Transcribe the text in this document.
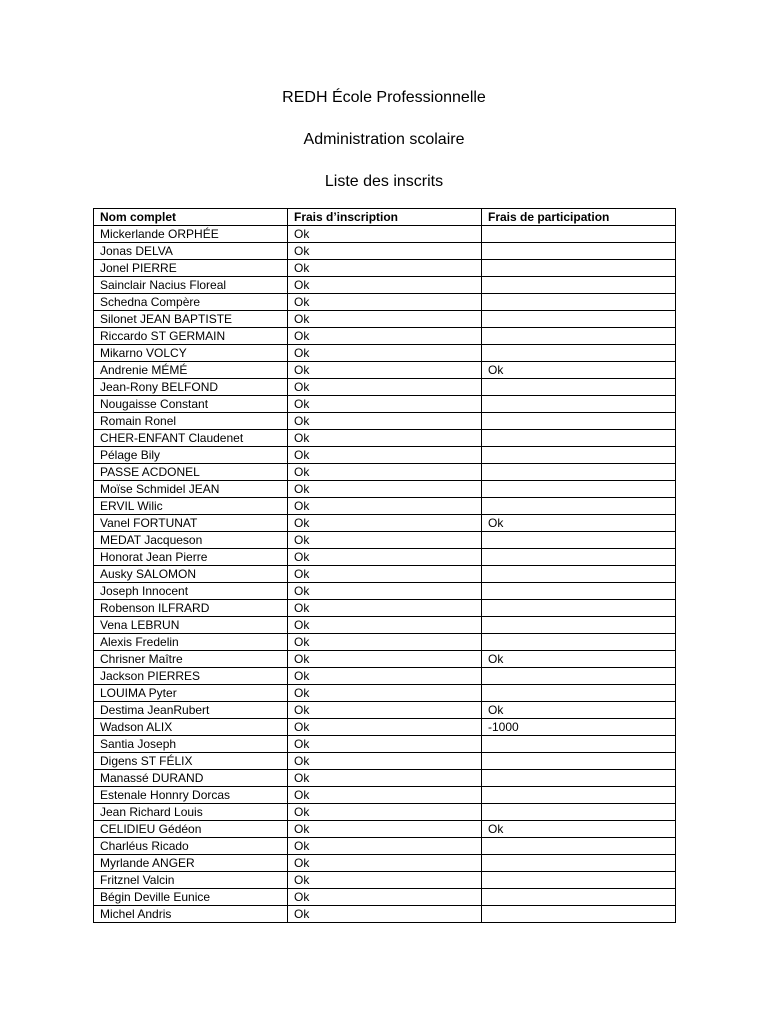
REDH École Professionnelle
Administration scolaire
Liste des inscrits
Nom complet	Frais d’inscription	Frais de participation
Mickerlande ORPHÉE	Ok	
Jonas DELVA	Ok	
Jonel PIERRE	Ok	
Sainclair Nacius Floreal	Ok	
Schedna Compère	Ok	
Silonet JEAN BAPTISTE	Ok	
Riccardo ST GERMAIN	Ok	
Mikarno VOLCY	Ok	
Andrenie MÉMÉ	Ok	Ok
Jean-Rony BELFOND	Ok	
Nougaisse Constant	Ok	
Romain Ronel	Ok	
CHER-ENFANT Claudenet	Ok	
Pélage Bily	Ok	
PASSE ACDONEL	Ok	
Moïse Schmidel JEAN	Ok	
ERVIL Wilic	Ok	
Vanel FORTUNAT	Ok	Ok
MEDAT Jacqueson	Ok	
Honorat Jean Pierre	Ok	
Ausky SALOMON	Ok	
Joseph Innocent	Ok	
Robenson ILFRARD	Ok	
Vena LEBRUN	Ok	
Alexis Fredelin	Ok	
Chrisner Maître	Ok	Ok
Jackson PIERRES	Ok	
LOUIMA Pyter	Ok	
Destima JeanRubert	Ok	Ok
Wadson ALIX	Ok	-1000
Santia Joseph	Ok	
Digens ST FÉLIX	Ok	
Manassé DURAND	Ok	
Estenale Honnry Dorcas	Ok	
Jean Richard Louis	Ok	
CELIDIEU Gédéon	Ok	Ok
Charléus Ricado	Ok	
Myrlande ANGER	Ok	
Fritznel Valcin	Ok	
Bégin Deville Eunice	Ok	
Michel Andris	Ok	
